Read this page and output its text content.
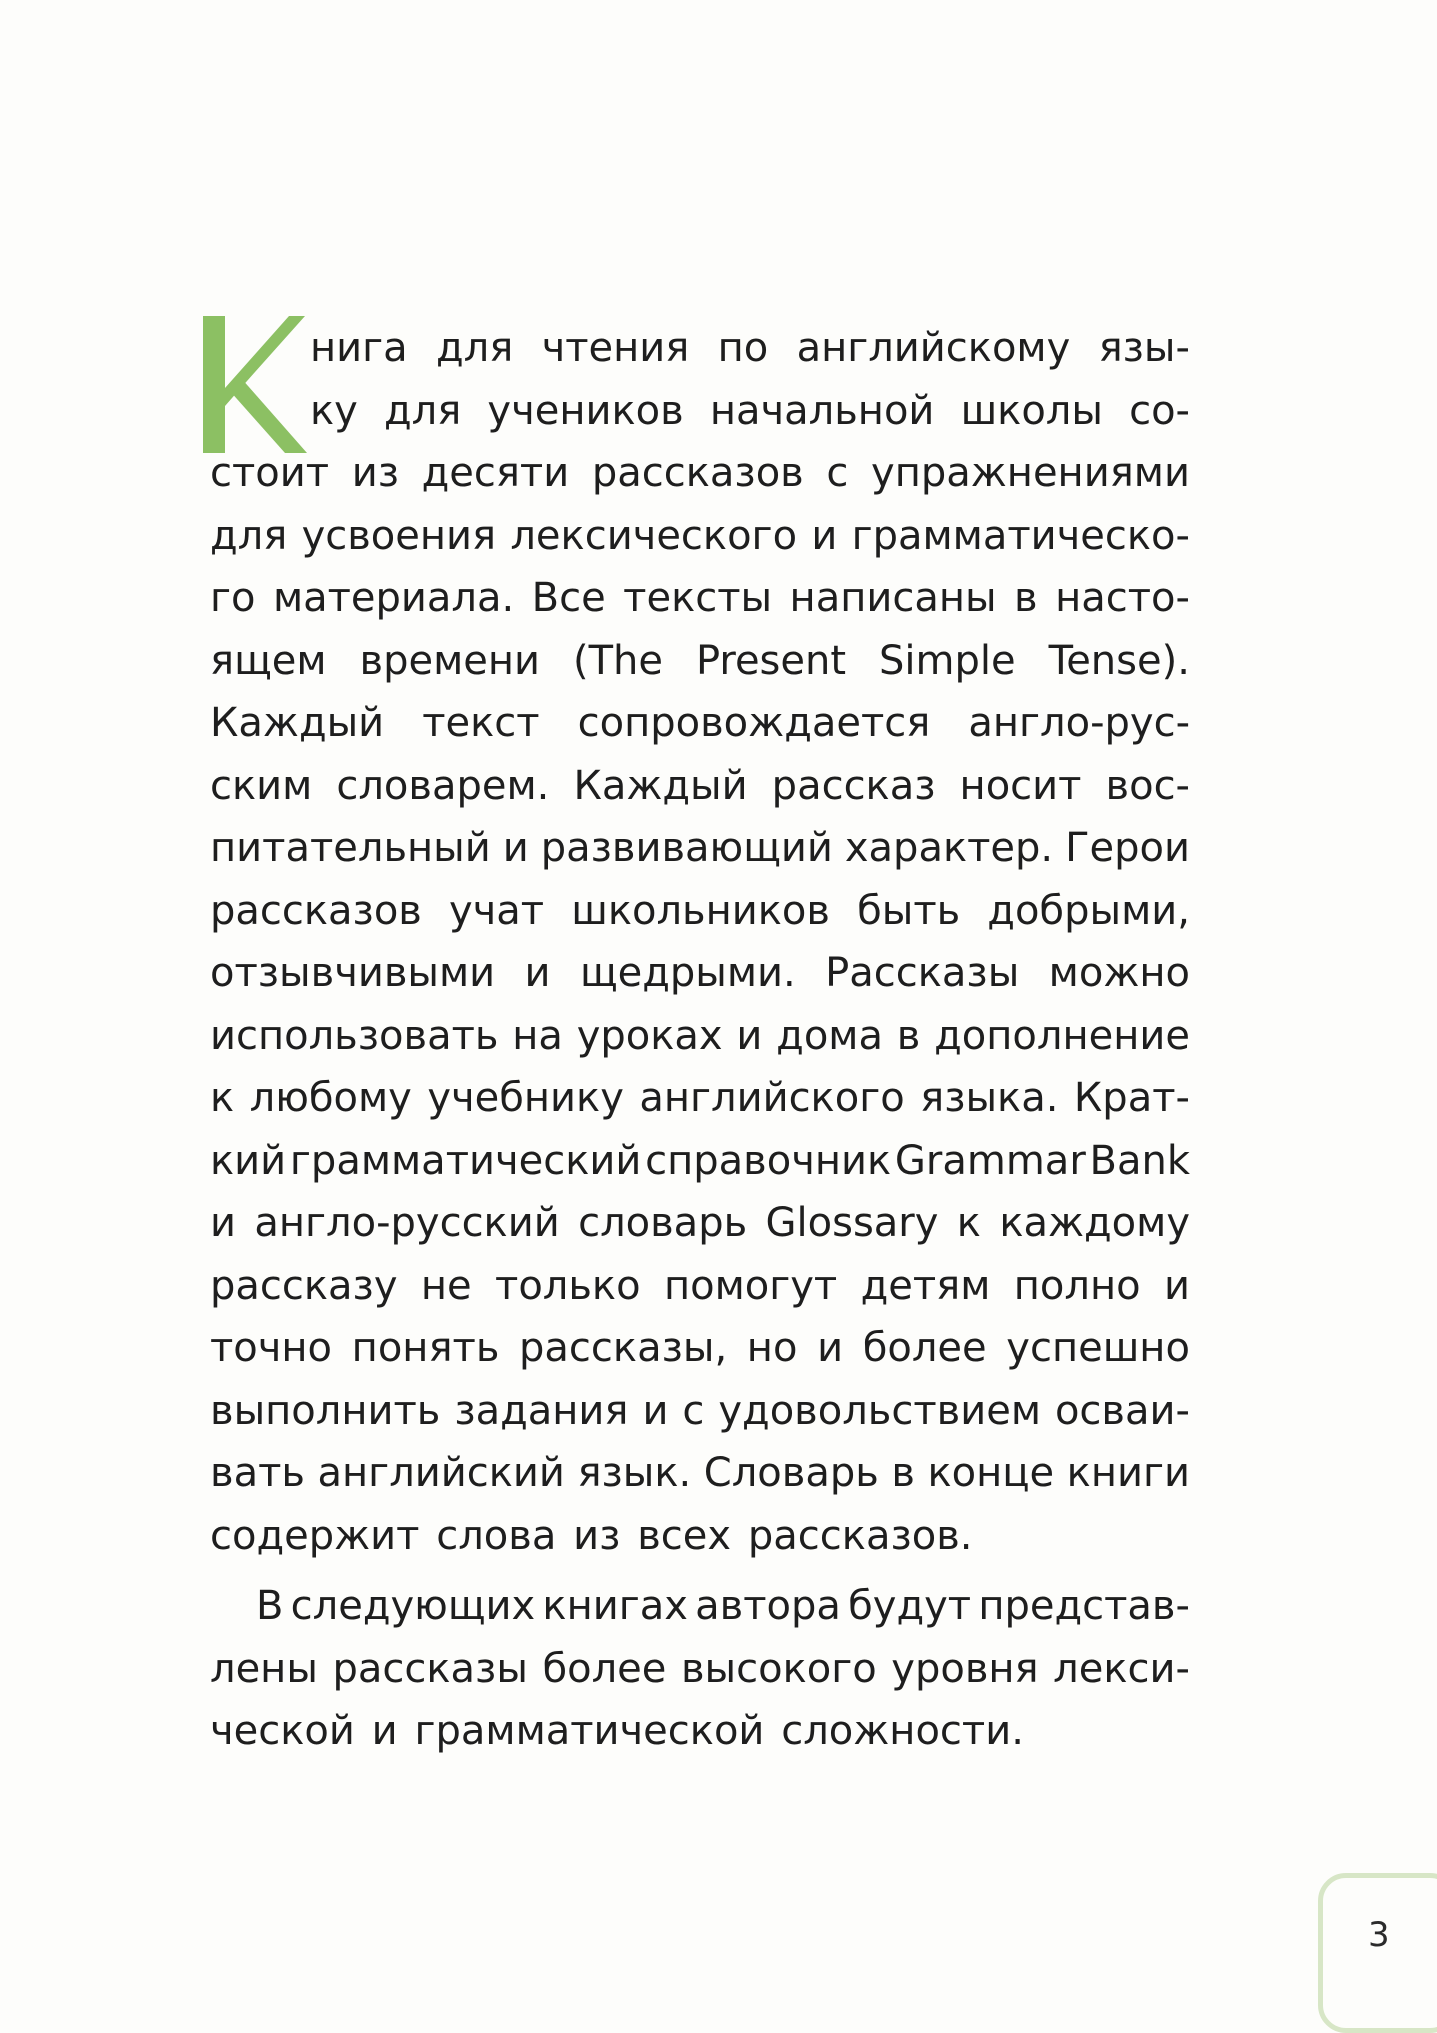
нига для чтения по английскому язы-
ку для учеников начальной школы со-
стоит из десяти рассказов с упражнениями
для усвоения лексического и грамматическо-
го материала. Все тексты написаны в насто-
ящем времени (The Present Simple Tense).
Каждый текст сопровождается англо-рус-
ским словарем. Каждый рассказ носит вос-
питательный и развивающий характер. Герои
рассказов учат школьников быть добрыми,
отзывчивыми и щедрыми. Рассказы можно
использовать на уроках и дома в дополнение
к любому учебнику английского языка. Крат-
кий грамматический справочник Grammar Bank
и англо-русский словарь Glossary к каждому
рассказу не только помогут детям полно и
точно понять рассказы, но и более успешно
выполнить задания и с удовольствием осваи-
вать английский язык. Словарь в конце книги
содержит слова из всех рассказов.
В следующих книгах автора будут представ-
лены рассказы более высокого уровня лекси-
ческой и грамматической сложности.
3
